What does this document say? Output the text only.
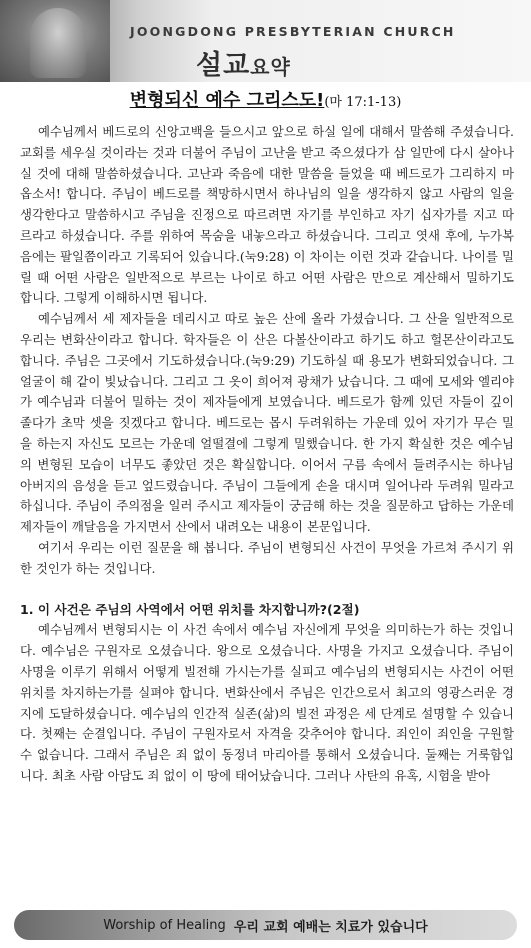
JOONGDONG PRESBYTERIAN CHURCH
설교요약
변형되신 예수 그리스도!(마 17:1-13)

예수님께서 베드로의 신앙고백을 들으시고 앞으로 하실 일에 대해서 말씀해 주셨습니다. 교회를 세우실 것이라는 것과 더불어 주님이 고난을 받고 죽으셨다가 삼 일만에 다시 살아나실 것에 대해 말씀하셨습니다. 고난과 죽음에 대한 말씀을 들었을 때 베드로가 그리하지 마옵소서! 합니다. 주님이 베드로를 책망하시면서 하나님의 일을 생각하지 않고 사람의 일을 생각한다고 말씀하시고 주님을 진정으로 따르려면 자기를 부인하고 자기 십자가를 지고 따르라고 하셨습니다. 주를 위하여 목숨을 내놓으라고 하셨습니다. 그리고 엿새 후에, 누가복음에는 팔일쯤이라고 기록되어 있습니다.(눅9:28) 이 차이는 이런 것과 같습니다. 나이를 밀릴 때 어떤 사람은 일반적으로 부르는 나이로 하고 어떤 사람은 만으로 계산해서 밀하기도 합니다. 그렇게 이해하시면 됩니다.

예수님께서 세 제자들을 데리시고 따로 높은 산에 올라 가셨습니다. 그 산을 일반적으로 우리는 변화산이라고 합니다. 학자들은 이 산은 다볼산이라고 하기도 하고 헐몬산이라고도 합니다. 주님은 그곳에서 기도하셨습니다.(눅9:29) 기도하실 때 용모가 변화되었습니다. 그 얼굴이 해 같이 빛났습니다. 그리고 그 옷이 희어져 광채가 났습니다. 그 때에 모세와 엘리야가 예수님과 더불어 밀하는 것이 제자들에게 보였습니다. 베드로가 함께 있던 자들이 깊이 졸다가 초막 셋을 짓겠다고 합니다. 베드로는 몹시 두려워하는 가운데 있어 자기가 무슨 밀을 하는지 자신도 모르는 가운데 얼떨결에 그렇게 밀했습니다. 한 가지 확실한 것은 예수님의 변형된 모습이 너무도 좋았던 것은 확실합니다. 이어서 구름 속에서 들려주시는 하나님 아버지의 음성을 듣고 엎드렸습니다. 주님이 그들에게 손을 대시며 일어나라 두려워 밀라고 하십니다. 주님이 주의점을 일러 주시고 제자들이 궁금해 하는 것을 질문하고 답하는 가운데 제자들이 깨달음을 가지면서 산에서 내려오는 내용이 본문입니다.

여기서 우리는 이런 질문을 해 봅니다. 주님이 변형되신 사건이 무엇을 가르쳐 주시기 위한 것인가 하는 것입니다.

1. 이 사건은 주님의 사역에서 어떤 위치를 차지합니까?(2절)

예수님께서 변형되시는 이 사건 속에서 예수님 자신에게 무엇을 의미하는가 하는 것입니다. 예수님은 구원자로 오셨습니다. 왕으로 오셨습니다. 사명을 가지고 오셨습니다. 주님이 사명을 이루기 위해서 어떻게 빌전해 가시는가를 실피고 예수님의 변형되시는 사건이 어떤 위치를 차지하는가를 실펴야 합니다. 변화산에서 주님은 인간으로서 최고의 영광스러운 경지에 도달하셨습니다. 예수님의 인간적 실존(삶)의 빌전 과정은 세 단계로 설명할 수 있습니다. 첫째는 순결입니다. 주님이 구원자로서 자격을 갖추어야 합니다. 죄인이 죄인을 구원할 수 없습니다. 그래서 주님은 죄 없이 동정녀 마리아를 통해서 오셨습니다. 둘째는 거룩함입니다. 최초 사람 아담도 죄 없이 이 땅에 태어났습니다. 그러나 사탄의 유혹, 시험을 받아

Worship of Healing 우리 교회 예배는 치료가 있습니다
